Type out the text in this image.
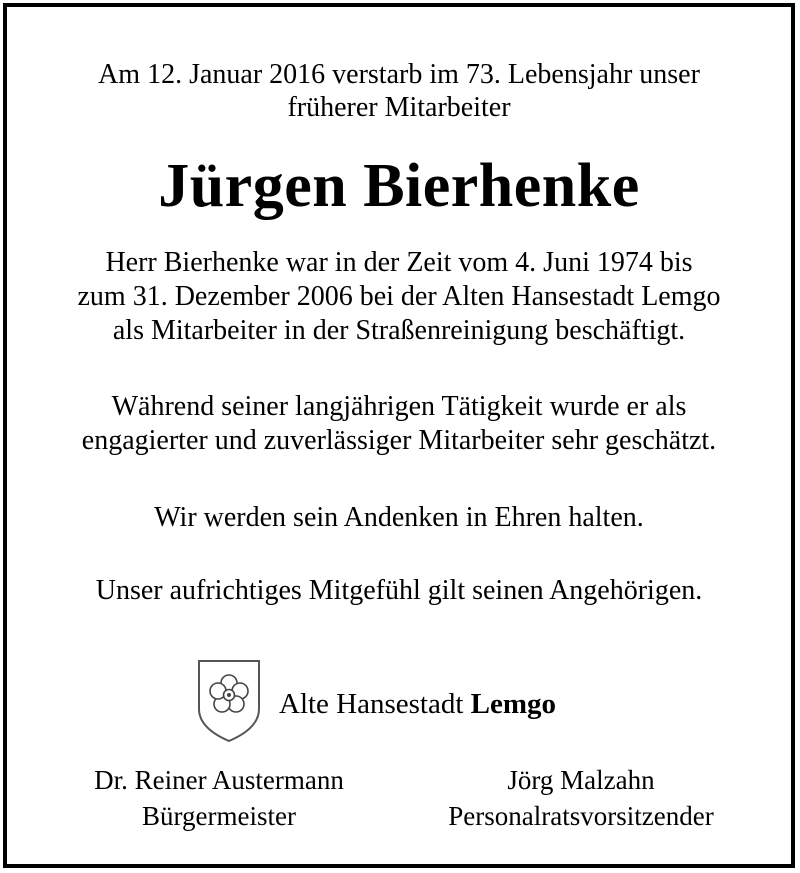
Am 12. Januar 2016 verstarb im 73. Lebensjahr unser
früherer Mitarbeiter
Jürgen Bierhenke
Herr Bierhenke war in der Zeit vom 4. Juni 1974 bis
zum 31. Dezember 2006 bei der Alten Hansestadt Lemgo
als Mitarbeiter in der Straßenreinigung beschäftigt.
Während seiner langjährigen Tätigkeit wurde er als
engagierter und zuverlässiger Mitarbeiter sehr geschätzt.
Wir werden sein Andenken in Ehren halten.
Unser aufrichtiges Mitgefühl gilt seinen Angehörigen.
Alte Hansestadt Lemgo
Dr. Reiner Austermann
Bürgermeister
Jörg Malzahn
Personalratsvorsitzender
